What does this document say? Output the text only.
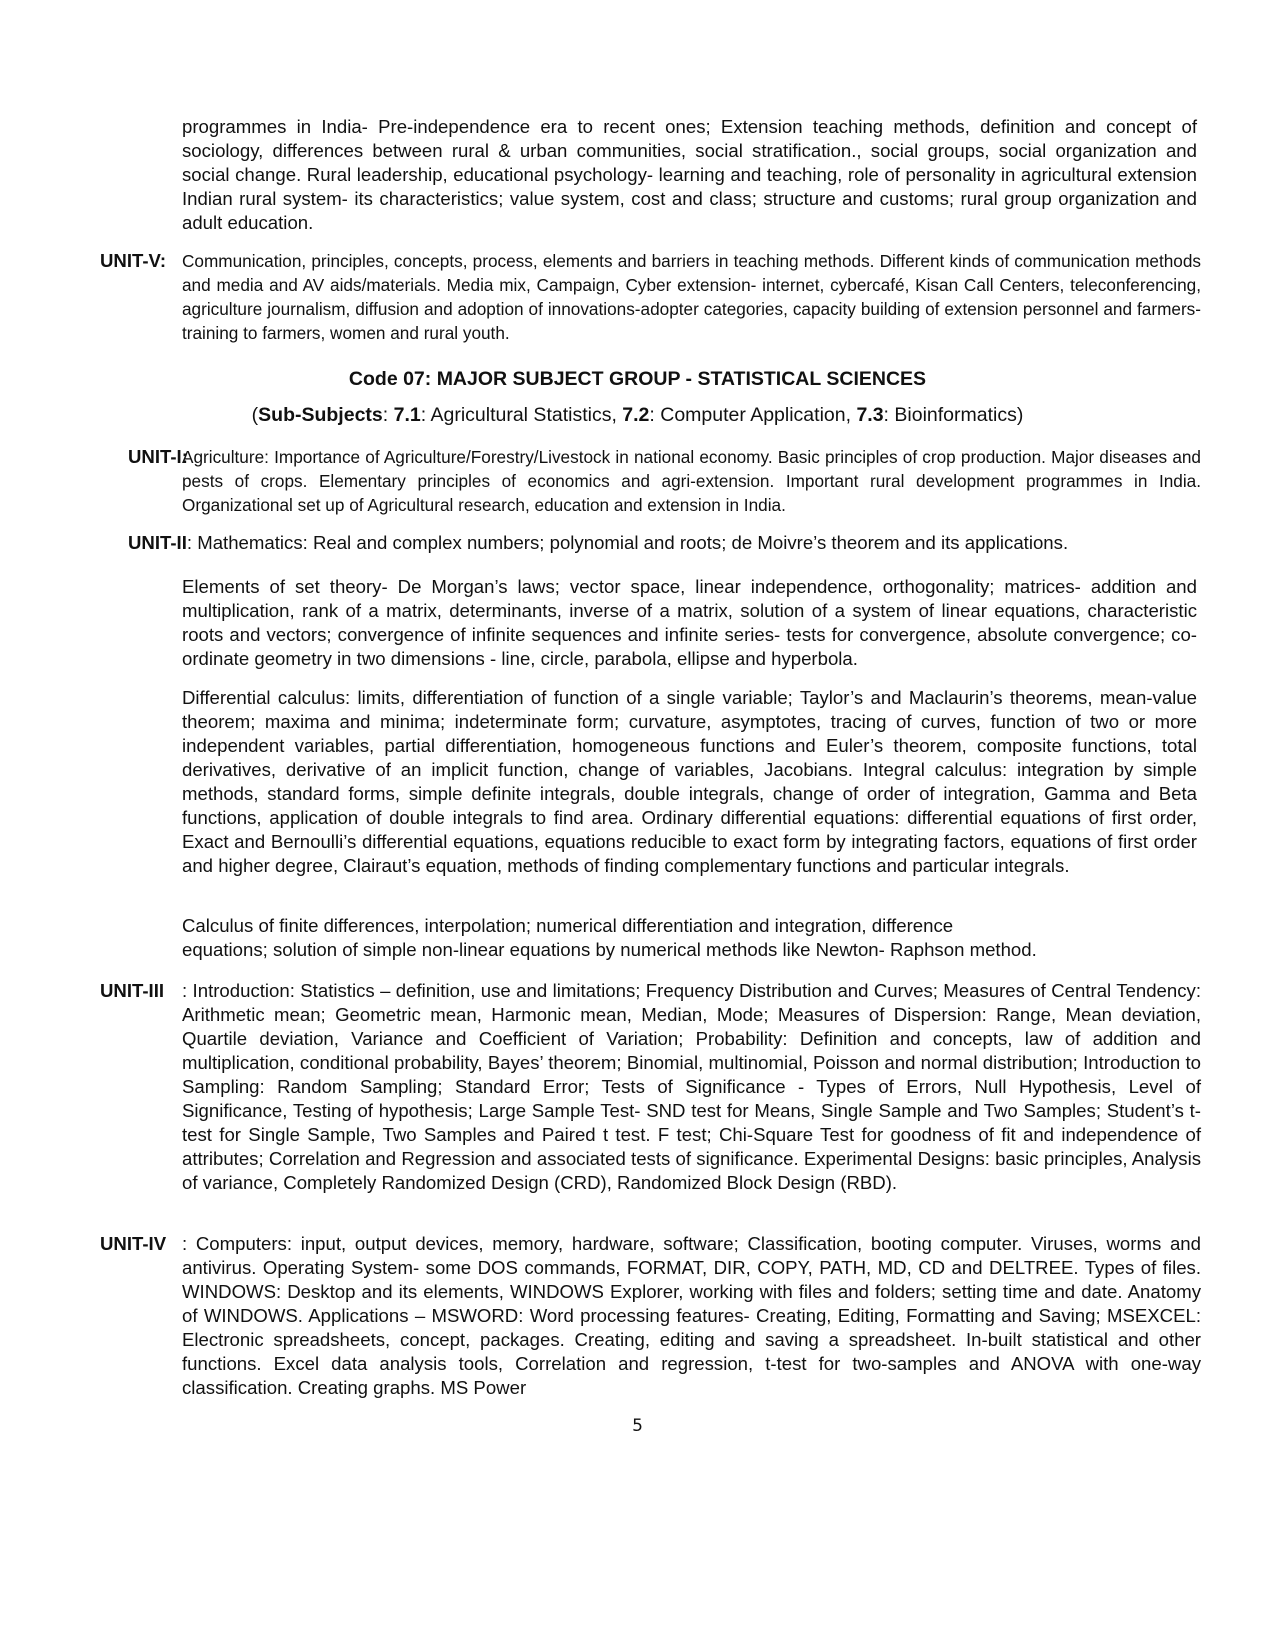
programmes in India- Pre-independence era to recent ones; Extension teaching methods, definition and concept of sociology, differences between rural & urban communities, social stratification., social groups, social organization and social change. Rural leadership, educational psychology- learning and teaching, role of personality in agricultural extension Indian rural system- its characteristics; value system, cost and class; structure and customs; rural group organization and adult education.

UNIT-V: Communication, principles, concepts, process, elements and barriers in teaching methods. Different kinds of communication methods and media and AV aids/materials. Media mix, Campaign, Cyber extension- internet, cybercafé, Kisan Call Centers, teleconferencing, agriculture journalism, diffusion and adoption of innovations-adopter categories, capacity building of extension personnel and farmers- training to farmers, women and rural youth.

Code 07: MAJOR SUBJECT GROUP - STATISTICAL SCIENCES

(Sub-Subjects: 7.1: Agricultural Statistics, 7.2: Computer Application, 7.3: Bioinformatics)

UNIT-I:
Agriculture: Importance of Agriculture/Forestry/Livestock in national economy. Basic principles of crop production. Major diseases and pests of crops. Elementary principles of economics and agri-extension. Important rural development programmes in India. Organizational set up of Agricultural research, education and extension in India.
UNIT-II: Mathematics: Real and complex numbers; polynomial and roots; de Moivre’s theorem and its applications.

Elements of set theory- De Morgan’s laws; vector space, linear independence, orthogonality; matrices- addition and multiplication, rank of a matrix, determinants, inverse of a matrix, solution of a system of linear equations, characteristic roots and vectors; convergence of infinite sequences and infinite series- tests for convergence, absolute convergence; co-ordinate geometry in two dimensions - line, circle, parabola, ellipse and hyperbola.

Differential calculus: limits, differentiation of function of a single variable; Taylor’s and Maclaurin’s theorems, mean-value theorem; maxima and minima; indeterminate form; curvature, asymptotes, tracing of curves, function of two or more independent variables, partial differentiation, homogeneous functions and Euler’s theorem, composite functions, total derivatives, derivative of an implicit function, change of variables, Jacobians. Integral calculus: integration by simple methods, standard forms, simple definite integrals, double integrals, change of order of integration, Gamma and Beta functions, application of double integrals to find area. Ordinary differential equations: differential equations of first order, Exact and Bernoulli’s differential equations, equations reducible to exact form by integrating factors, equations of first order and higher degree, Clairaut’s equation, methods of finding complementary functions and particular integrals.

Calculus of finite differences, interpolation; numerical differentiation and integration, difference
equations; solution of simple non-linear equations by numerical methods like Newton- Raphson method.
UNIT-III : Introduction: Statistics – definition, use and limitations; Frequency Distribution and Curves; Measures of Central Tendency: Arithmetic mean; Geometric mean, Harmonic mean, Median, Mode; Measures of Dispersion: Range, Mean deviation, Quartile deviation, Variance and Coefficient of Variation; Probability: Definition and concepts, law of addition and multiplication, conditional probability, Bayes’ theorem; Binomial, multinomial, Poisson and normal distribution; Introduction to Sampling: Random Sampling; Standard Error; Tests of Significance - Types of Errors, Null Hypothesis, Level of Significance, Testing of hypothesis; Large Sample Test- SND test for Means, Single Sample and Two Samples; Student’s t-test for Single Sample, Two Samples and Paired t test. F test; Chi-Square Test for goodness of fit and independence of attributes; Correlation and Regression and associated tests of significance. Experimental Designs: basic principles, Analysis of variance, Completely Randomized Design (CRD), Randomized Block Design (RBD).
UNIT-IV : Computers: input, output devices, memory, hardware, software; Classification, booting computer. Viruses, worms and antivirus. Operating System- some DOS commands, FORMAT, DIR, COPY, PATH, MD, CD and DELTREE. Types of files. WINDOWS: Desktop and its elements, WINDOWS Explorer, working with files and folders; setting time and date. Anatomy of WINDOWS. Applications – MSWORD: Word processing features- Creating, Editing, Formatting and Saving; MSEXCEL: Electronic spreadsheets, concept, packages. Creating, editing and saving a spreadsheet. In-built statistical and other functions. Excel data analysis tools, Correlation and regression, t-test for two-samples and ANOVA with one-way classification. Creating graphs. MS Power

5
